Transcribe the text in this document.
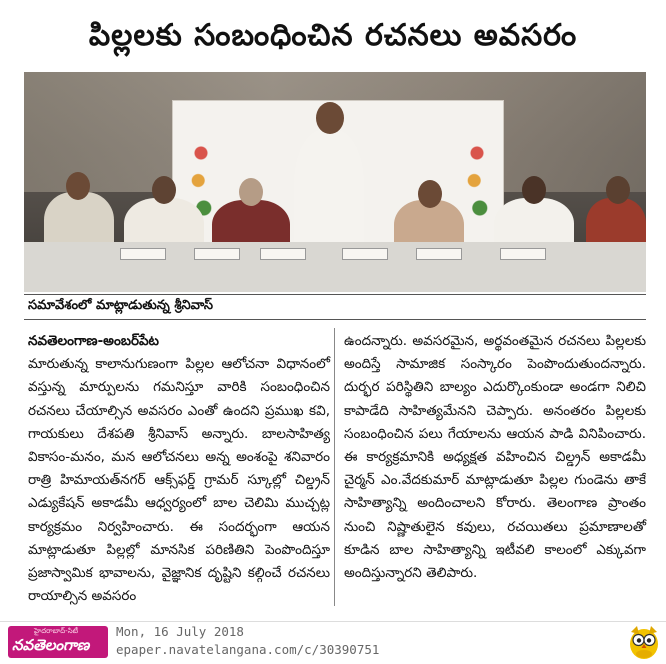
పిల్లలకు సంబంధించిన రచనలు అవసరం
సమావేశంలో మాట్లాడుతున్న శ్రీనివాస్

నవతెలంగాణ-అంబర్‌పేట

మారుతున్న కాలానుగుణంగా పిల్లల ఆలోచనా విధానంలో వస్తున్న మార్పులను గమనిస్తూ వారికి సంబంధించిన రచనలు చేయాల్సిన అవసరం ఎంతో ఉందని ప్రముఖ కవి, గాయకులు దేశపతి శ్రీనివాస్ అన్నారు. బాలసాహిత్య వికాసం-మనం, మన ఆలోచనలు అన్న అంశంపై శనివారం రాత్రి హిమాయత్‌నగర్ ఆక్స్‌ఫర్డ్ గ్రామర్ స్కూల్లో చిల్డ్రన్ ఎడ్యుకేషన్ అకాడమీ ఆధ్వర్యంలో బాల చెలిమి ముచ్చట్ల కార్యక్రమం నిర్వహించారు. ఈ సందర్భంగా ఆయన మాట్లాడుతూ పిల్లల్లో మానసిక పరిణితిని పెంపొందిస్తూ ప్రజాస్వామిక భావాలను, వైజ్ఞానిక దృష్టిని కల్గించే రచనలు రాయాల్సిన అవసరం

ఉందన్నారు. అవసరమైన, అర్థవంతమైన రచనలు పిల్లలకు అందిస్తే సామాజిక సంస్కారం పెంపొందుతుందన్నారు. దుర్భర పరిస్థితిని బాల్యం ఎదుర్కొంకుండా అండగా నిలిచి కాపాడేది సాహిత్యమేనని చెప్పారు. అనంతరం పిల్లలకు సంబంధించిన పలు గేయాలను ఆయన పాడి వినిపించారు. ఈ కార్యక్రమానికి అధ్యక్షత వహించిన చిల్డ్రన్ అకాడమీ చైర్మన్ ఎం.వేదకుమార్ మాట్లాడుతూ పిల్లల గుండెను తాకే సాహిత్యాన్ని అందించాలని కోరారు. తెలంగాణ ప్రాంతం నుంచి నిష్ణాతులైన కవులు, రచయితలు ప్రమాణాలతో కూడిన బాల సాహిత్యాన్ని ఇటీవలి కాలంలో ఎక్కువగా అందిస్తున్నారని తెలిపారు.

హైదరాబాద్-సిటీ
నవతెలంగాణ
Mon, 16 July 2018
epaper.navatelangana.com/c/30390751
